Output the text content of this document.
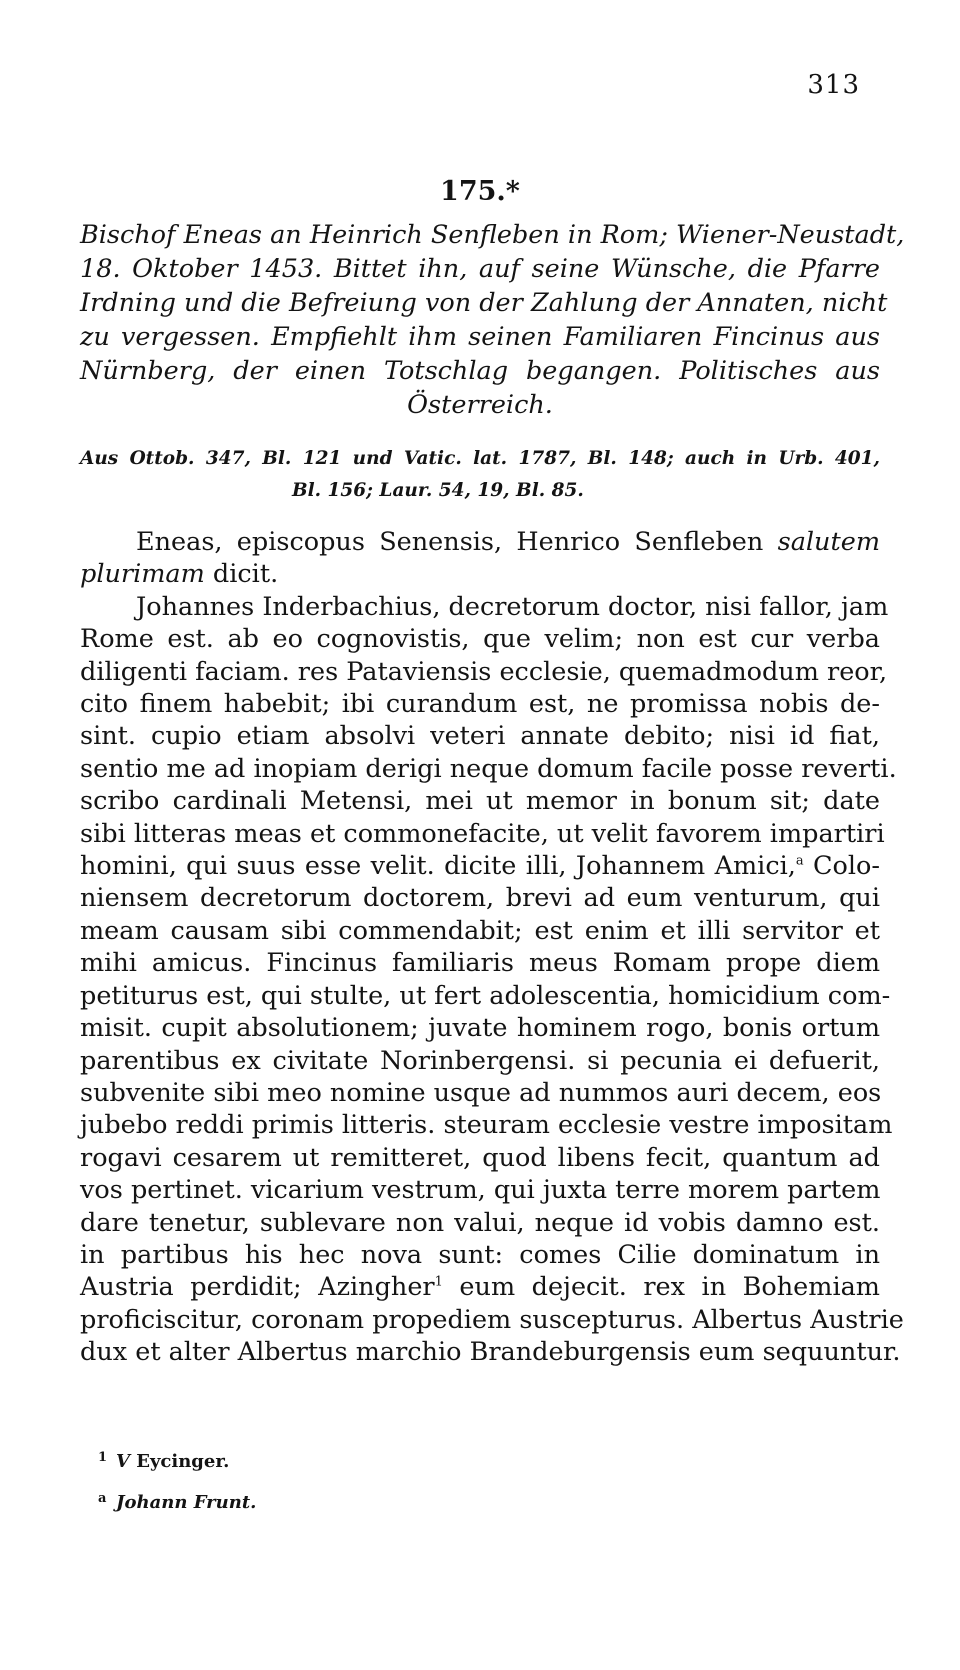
313
175.*
Bischof Eneas an Heinrich Senfleben in Rom; Wiener-Neustadt,
18. Oktober 1453. Bittet ihn, auf seine Wünsche, die Pfarre
Irdning und die Befreiung von der Zahlung der Annaten, nicht
zu vergessen. Empfiehlt ihm seinen Familiaren Fincinus aus
Nürnberg, der einen Totschlag begangen. Politisches aus
Österreich.
Aus Ottob. 347, Bl. 121 und Vatic. lat. 1787, Bl. 148; auch in Urb. 401,
Bl. 156; Laur. 54, 19, Bl. 85.
Eneas, episcopus Senensis, Henrico Senfleben salutem
plurimam dicit.
Johannes Inderbachius, decretorum doctor, nisi fallor, jam
Rome est. ab eo cognovistis, que velim; non est cur verba
diligenti faciam. res Pataviensis ecclesie, quemadmodum reor,
cito finem habebit; ibi curandum est, ne promissa nobis de-
sint. cupio etiam absolvi veteri annate debito; nisi id fiat,
sentio me ad inopiam derigi neque domum facile posse reverti.
scribo cardinali Metensi, mei ut memor in bonum sit; date
sibi litteras meas et commonefacite, ut velit favorem impartiri
homini, qui suus esse velit. dicite illi, Johannem Amici,$^a$ Colo-
niensem decretorum doctorem, brevi ad eum venturum, qui
meam causam sibi commendabit; est enim et illi servitor et
mihi amicus. Fincinus familiaris meus Romam prope diem
petiturus est, qui stulte, ut fert adolescentia, homicidium com-
misit. cupit absolutionem; juvate hominem rogo, bonis ortum
parentibus ex civitate Norinbergensi. si pecunia ei defuerit,
subvenite sibi meo nomine usque ad nummos auri decem, eos
jubebo reddi primis litteris. steuram ecclesie vestre impositam
rogavi cesarem ut remitteret, quod libens fecit, quantum ad
vos pertinet. vicarium vestrum, qui juxta terre morem partem
dare tenetur, sublevare non valui, neque id vobis damno est.
in partibus his hec nova sunt: comes Cilie dominatum in
Austria perdidit; Azingher$^1$ eum dejecit. rex in Bohemiam
proficiscitur, coronam propediem suscepturus. Albertus Austrie
dux et alter Albertus marchio Brandeburgensis eum sequuntur.
1 V Eycinger.
a Johann Frunt.
